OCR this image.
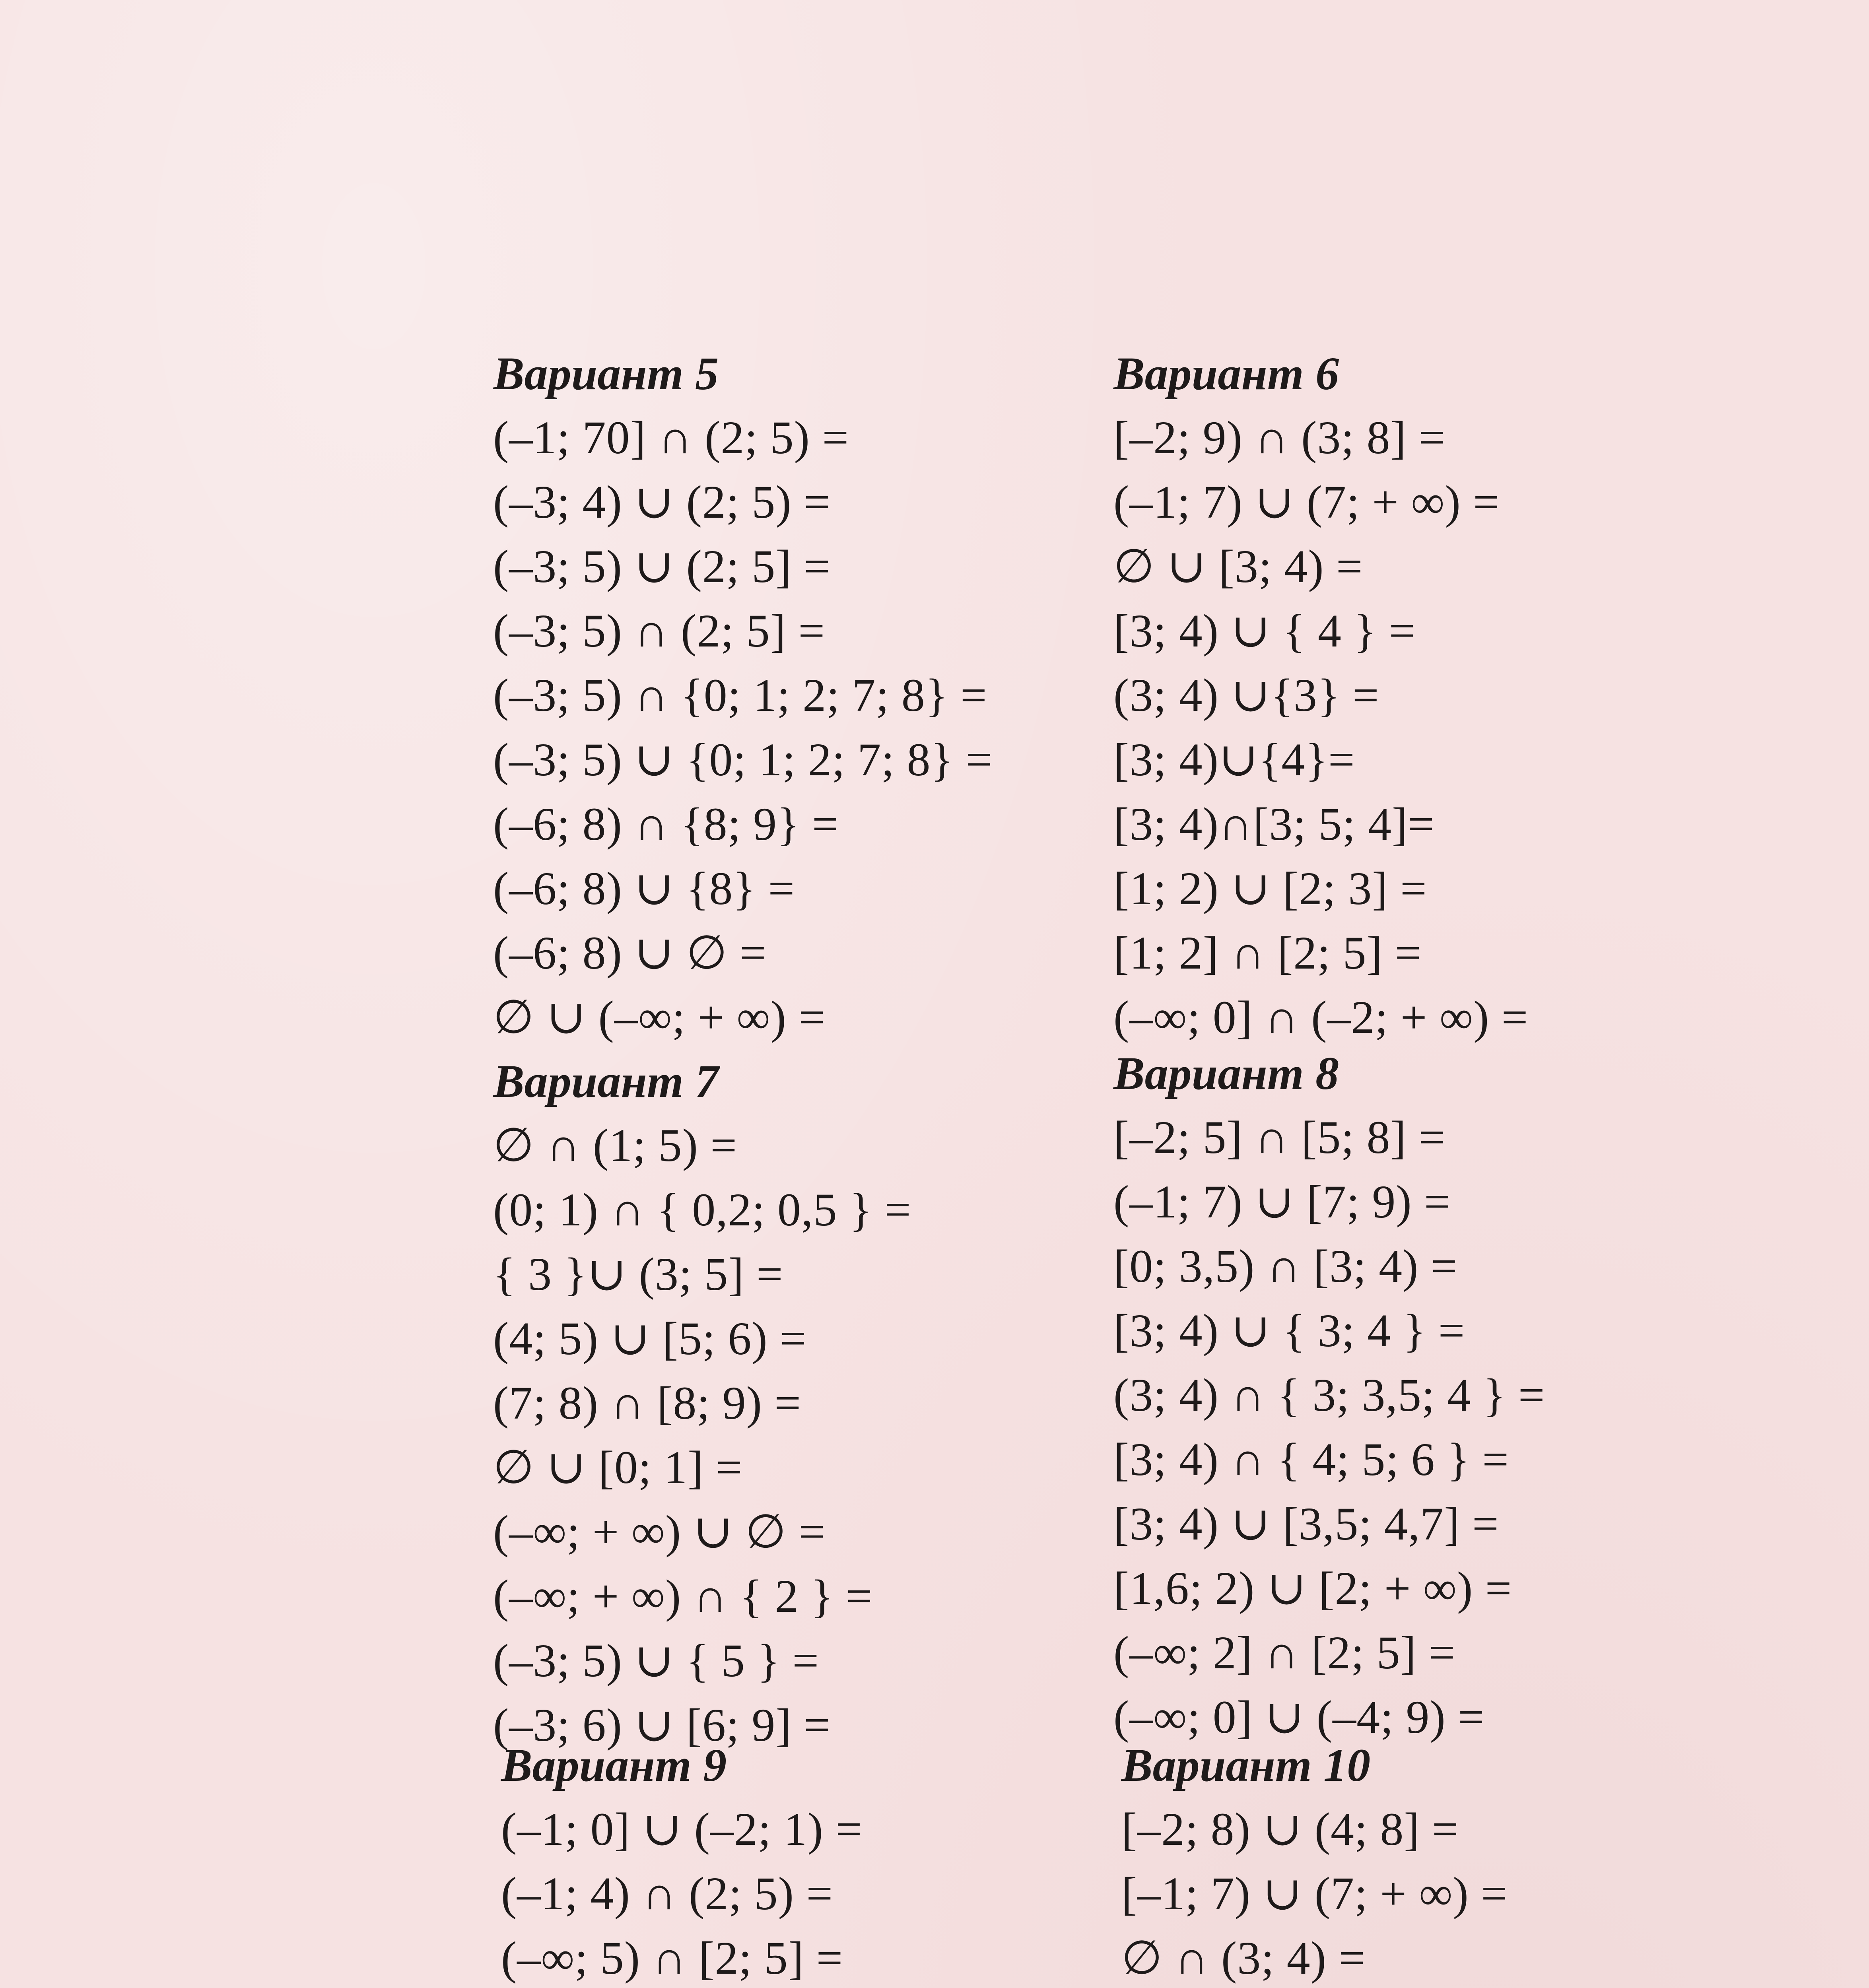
Вариант 5
(–1; 70] ∩ (2; 5) =
(–3; 4) ∪ (2; 5) =
(–3; 5) ∪ (2; 5] =
(–3; 5) ∩ (2; 5] =
(–3; 5) ∩ {0; 1; 2; 7; 8} =
(–3; 5) ∪ {0; 1; 2; 7; 8} =
(–6; 8) ∩ {8; 9} =
(–6; 8) ∪ {8} =
(–6; 8) ∪ ∅ =
∅ ∪ (–∞; + ∞) =
Вариант 6
[–2; 9) ∩ (3; 8] =
(–1; 7) ∪ (7; + ∞) =
∅ ∪ [3; 4) =
[3; 4) ∪ { 4 } =
(3; 4) ∪{3} =
[3; 4)∪{4}=
[3; 4)∩[3; 5; 4]=
[1; 2) ∪ [2; 3] =
[1; 2] ∩ [2; 5] =
(–∞; 0] ∩ (–2; + ∞) =
Вариант 7
∅ ∩ (1; 5) =
(0; 1) ∩ { 0,2; 0,5 } =
{ 3 }∪ (3; 5] =
(4; 5) ∪ [5; 6) =
(7; 8) ∩ [8; 9) =
∅ ∪ [0; 1] =
(–∞; + ∞) ∪ ∅ =
(–∞; + ∞) ∩ { 2 } =
(–3; 5) ∪ { 5 } =
(–3; 6) ∪ [6; 9] =
Вариант 8
[–2; 5] ∩ [5; 8] =
(–1; 7) ∪ [7; 9) =
[0; 3,5) ∩ [3; 4) =
[3; 4) ∪ { 3; 4 } =
(3; 4) ∩ { 3; 3,5; 4 } =
[3; 4) ∩ { 4; 5; 6 } =
[3; 4) ∪ [3,5; 4,7] =
[1,6; 2) ∪ [2; + ∞) =
(–∞; 2] ∩ [2; 5] =
(–∞; 0] ∪ (–4; 9) =
Вариант 9
(–1; 0] ∪ (–2; 1) =
(–1; 4) ∩ (2; 5) =
(–∞; 5) ∩ [2; 5] =
Вариант 10
[–2; 8) ∪ (4; 8] =
[–1; 7) ∪ (7; + ∞) =
∅ ∩ (3; 4) =
